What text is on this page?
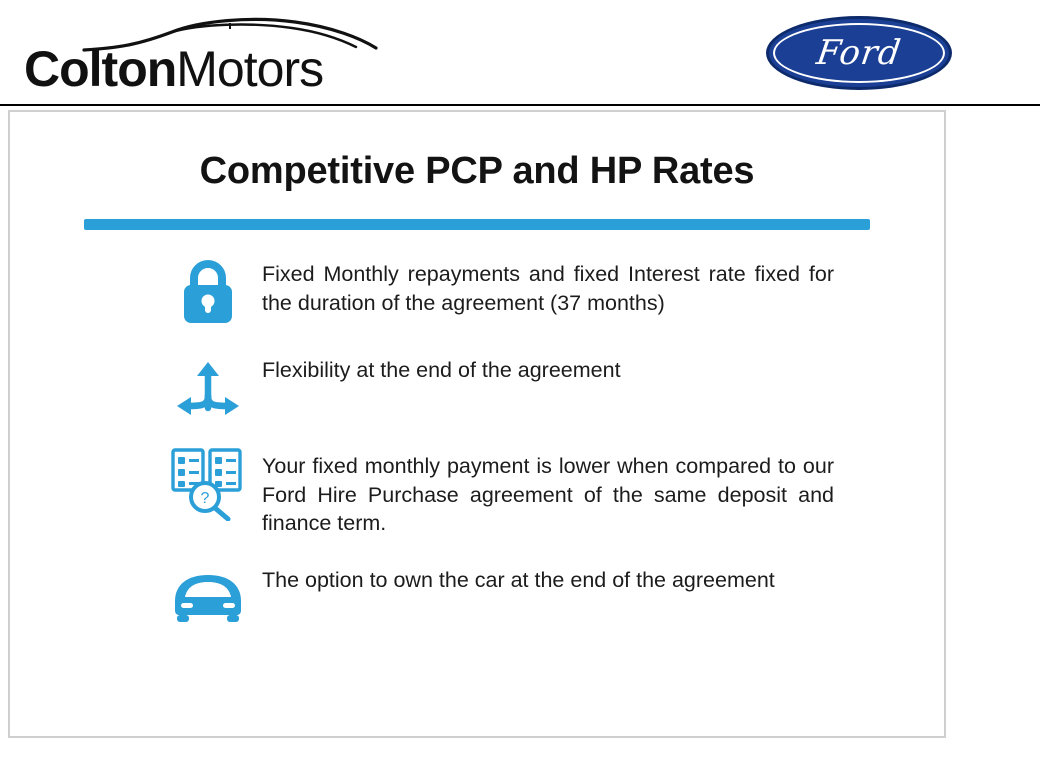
ColtonMotors	Ford
Competitive PCP and HP Rates
Fixed Monthly repayments and fixed Interest rate fixed for the duration of the agreement (37 months)
Flexibility at the end of the agreement
?
Your fixed monthly payment is lower when compared to our Ford Hire Purchase agreement of the same deposit and finance term.
The option to own the car at the end of the agreement
